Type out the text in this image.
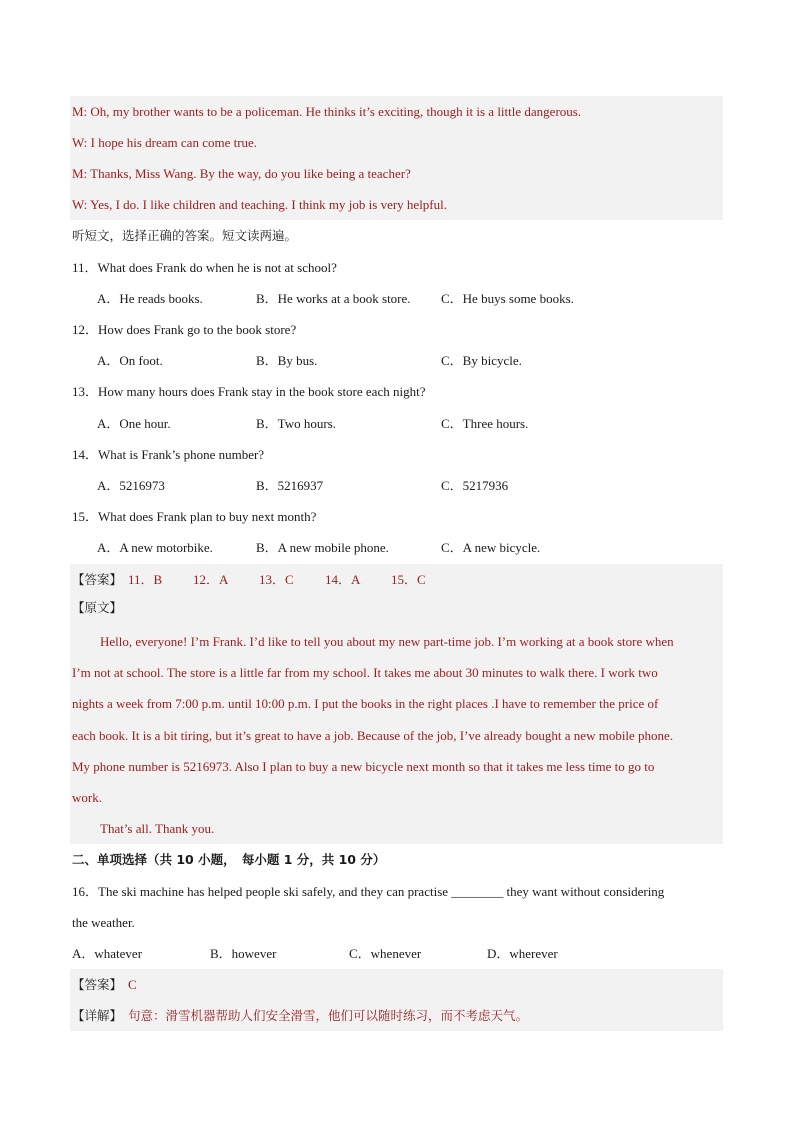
M: Oh, my brother wants to be a policeman. He thinks it’s exciting, though it is a little dangerous.
W: I hope his dream can come true.
M: Thanks, Miss Wang. By the way, do you like being a teacher?
W: Yes, I do. I like children and teaching. I think my job is very helpful.
听短文，选择正确的答案。短文读两遍。
11．What does Frank do when he is not at school?
A．He reads books.	B．He works at a book store. C．He buys some books.
12．How does Frank go to the book store?
A．On foot.	B．By bus.	C．By bicycle.
13．How many hours does Frank stay in the book store each night?
A．One hour.	B．Two hours.	C．Three hours.
14．What is Frank’s phone number?
A．5216973	B．5216937	C．5217936
15．What does Frank plan to buy next month?
A．A new motorbike.	B．A new mobile phone.	C．A new bicycle.
【答案】 11．B 12．A 13．C 14．A 15．C
【原文】
Hello, everyone! I’m Frank. I’d like to tell you about my new part-time job. I’m working at a book store when
I’m not at school. The store is a little far from my school. It takes me about 30 minutes to walk there. I work two
nights a week from 7:00 p.m. until 10:00 p.m. I put the books in the right places .I have to remember the price of
each book. It is a bit tiring, but it’s great to have a job. Because of the job, I’ve already bought a new mobile phone.
My phone number is 5216973. Also I plan to buy a new bicycle next month so that it takes me less time to go to
work.
That’s all. Thank you.
二、单项选择（共 10 小题，　每小题 1 分，共 10 分）
16．The ski machine has helped people ski safely, and they can practise ________ they want without considering
the weather.
A．whatever	B．however	C．whenever	D．wherever
【答案】 C
【详解】 句意：滑雪机器帮助人们安全滑雪，他们可以随时练习，而不考虑天气。
